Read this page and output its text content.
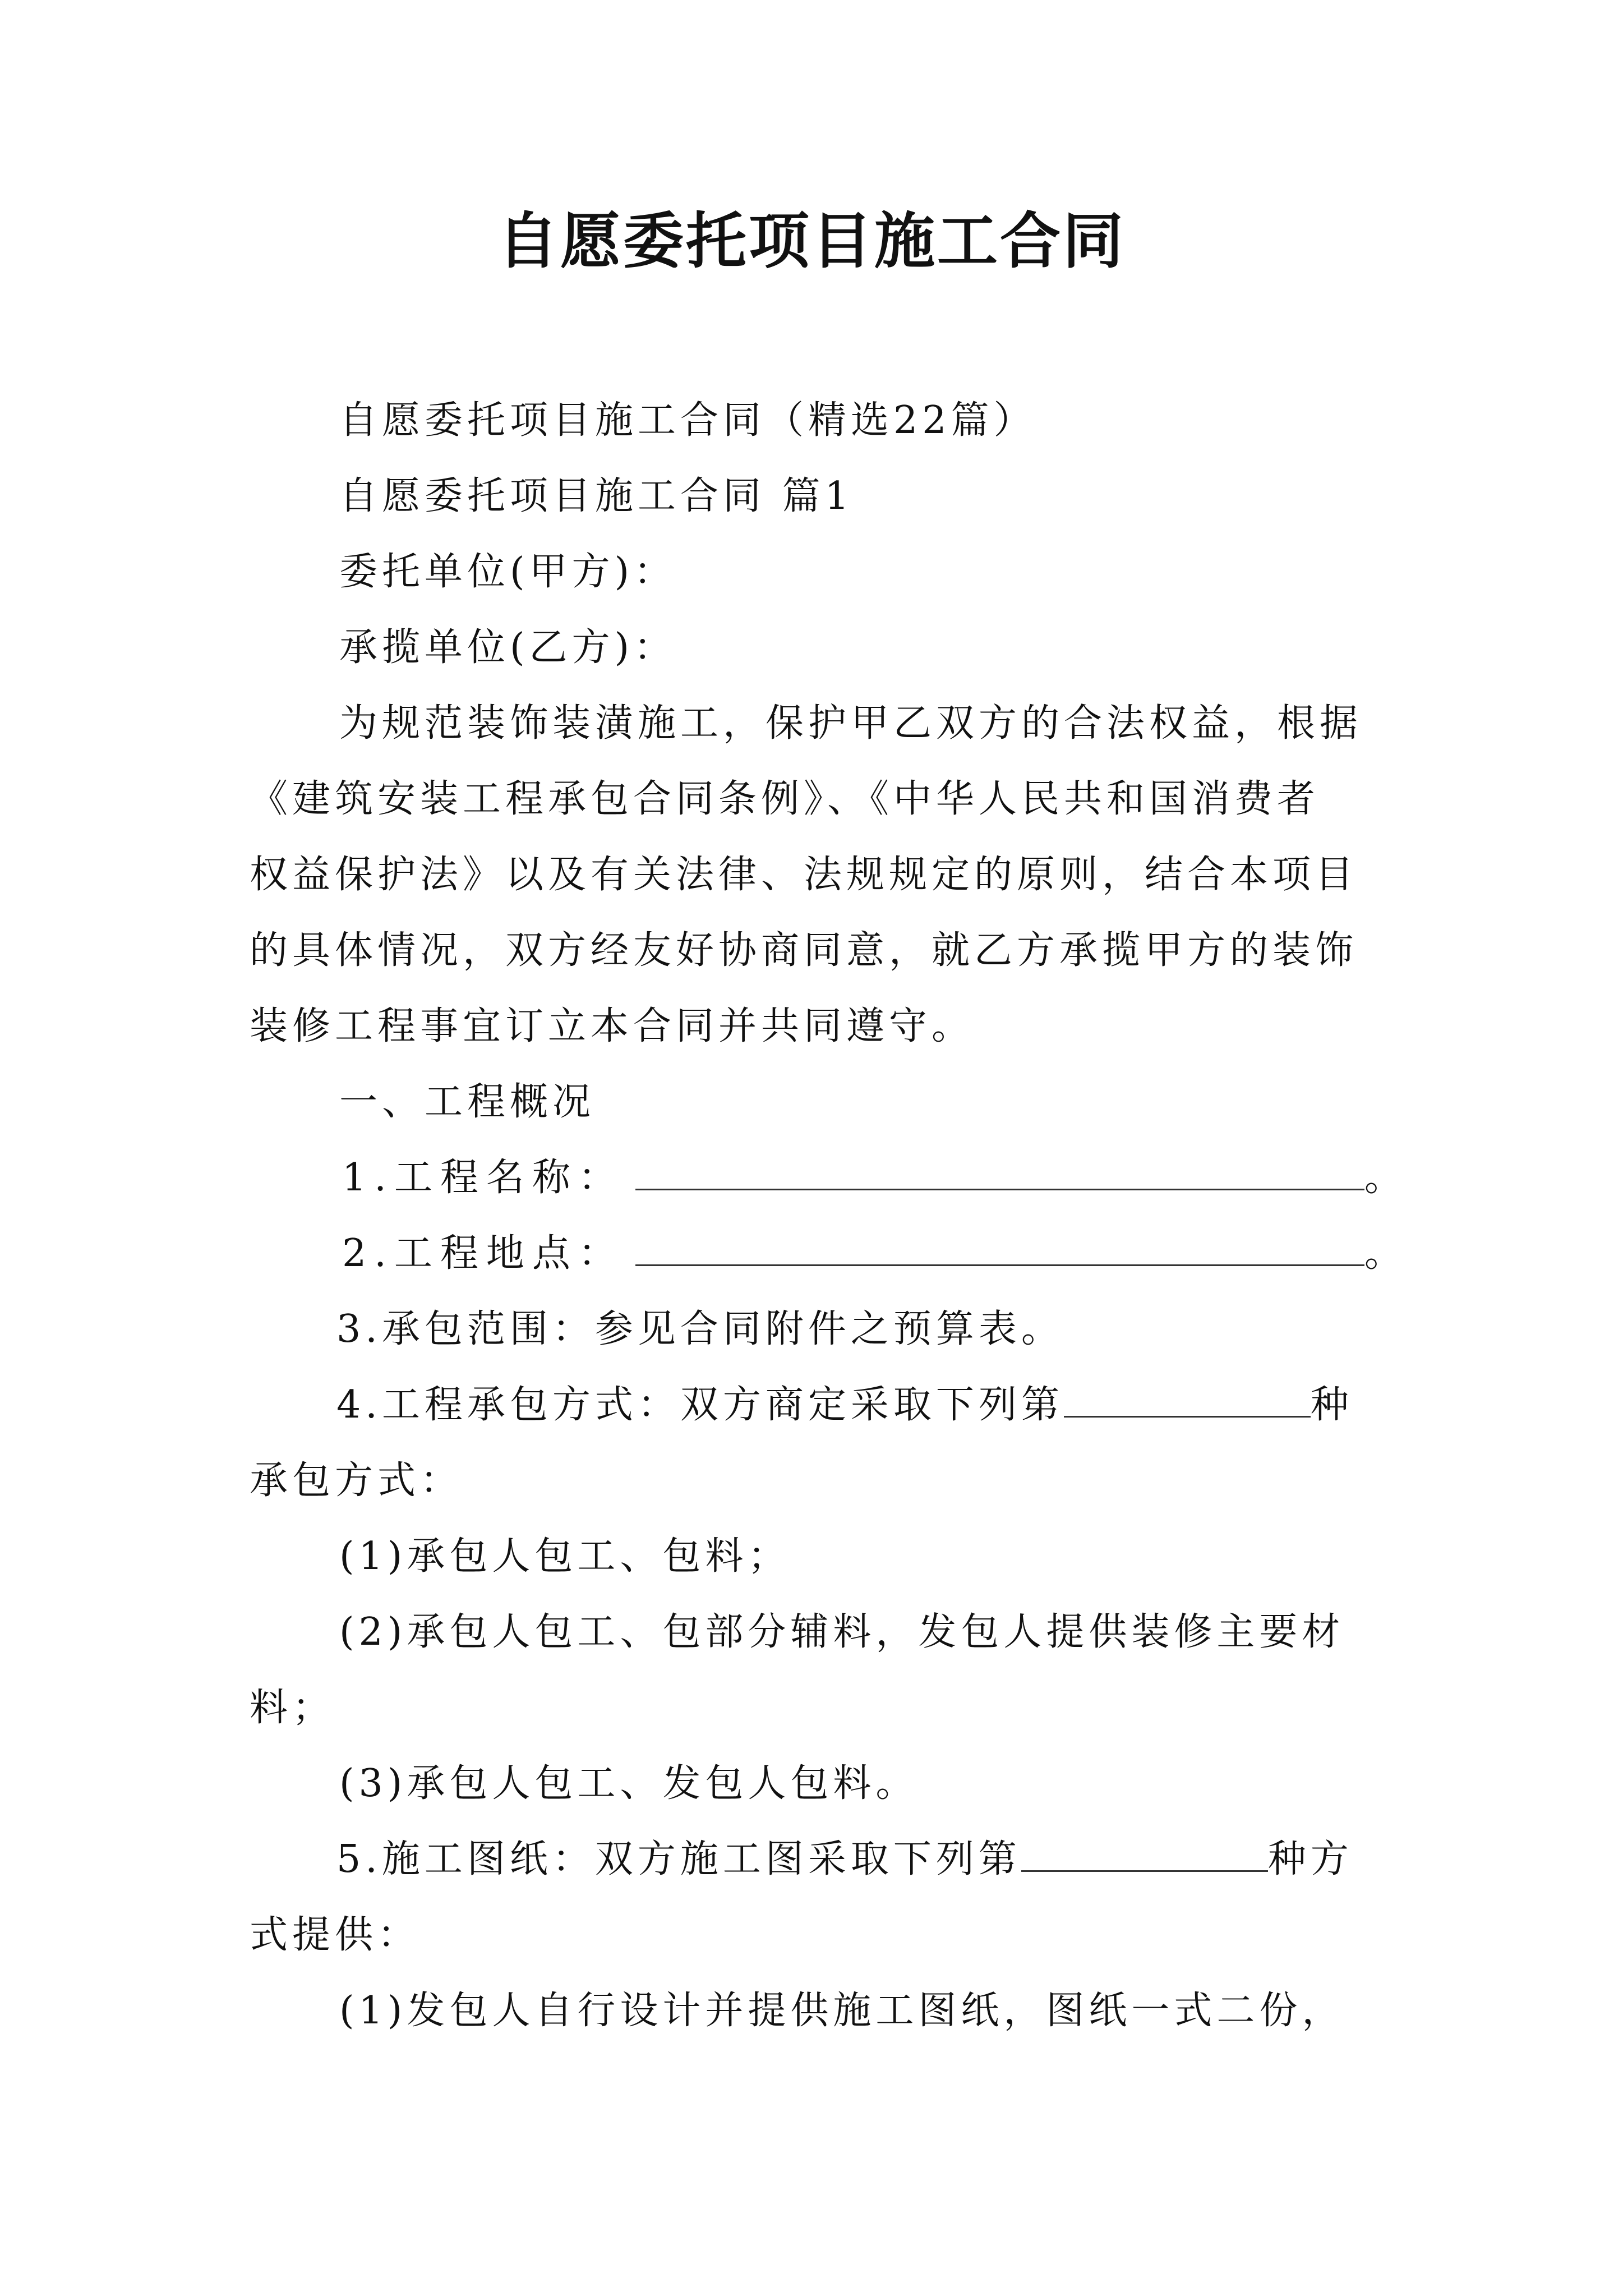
自愿委托项目施工合同
自愿委托项目施工合同（精选22篇）
自愿委托项目施工合同 篇1
委托单位(甲方)：
承揽单位(乙方)：
为规范装饰装潢施工，保护甲乙双方的合法权益，根据
《建筑安装工程承包合同条例》、《中华人民共和国消费者
权益保护法》以及有关法律、法规规定的原则，结合本项目
的具体情况，双方经友好协商同意，就乙方承揽甲方的装饰
装修工程事宜订立本合同并共同遵守。
一、工程概况
1.工程名称：	。
2.工程地点：	。
3.承包范围：参见合同附件之预算表。
4.工程承包方式：双方商定采取下列第	种
承包方式：
(1)承包人包工、包料；
(2)承包人包工、包部分辅料，发包人提供装修主要材
料；
(3)承包人包工、发包人包料。
5.施工图纸：双方施工图采取下列第	种方
式提供：
(1)发包人自行设计并提供施工图纸，图纸一式二份，
